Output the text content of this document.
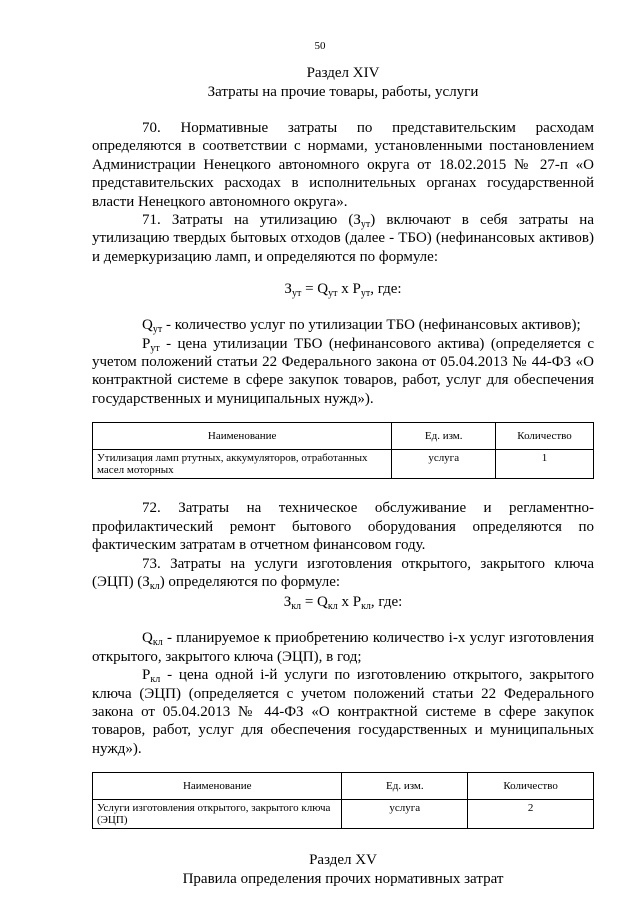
50
Раздел XIV
Затраты на прочие товары, работы, услуги

70. Нормативные затраты по представительским расходам определяются в соответствии с нормами, установленными постановлением Администрации Ненецкого автономного округа от 18.02.2015 № 27-п «О представительских расходах в исполнительных органах государственной власти Ненецкого автономного округа».

71. Затраты на утилизацию $(З_{ут})$ включают в себя затраты на утилизацию твердых бытовых отходов (далее - ТБО) (нефинансовых активов) и демеркуризацию ламп, и определяются по формуле:

$З_{ут} = Q_{ут}$ x $P_{ут}$, где:

$Q_{ут}$ - количество услуг по утилизации ТБО (нефинансовых активов);

$P_{ут}$ - цена утилизации ТБО (нефинансового актива) (определяется с учетом положений статьи 22 Федерального закона от 05.04.2013 № 44-ФЗ «О контрактной системе в сфере закупок товаров, работ, услуг для обеспечения государственных и муниципальных нужд»).

Наименование	Ед. изм.	Количество
Утилизация ламп ртутных, аккумуляторов, отработанных масел моторных	услуга	1

72. Затраты на техническое обслуживание и регламентно-профилактический ремонт бытового оборудования определяются по фактическим затратам в отчетном финансовом году.

73. Затраты на услуги изготовления открытого, закрытого ключа (ЭЦП) $(З_{кл})$ определяются по формуле:

$З_{кл} = Q_{кл}$ x $P_{кл}$, где:

$Q_{кл}$ - планируемое к приобретению количество i-х услуг изготовления открытого, закрытого ключа (ЭЦП), в год;

$P_{кл}$ - цена одной i-й услуги по изготовлению открытого, закрытого ключа (ЭЦП) (определяется с учетом положений статьи 22 Федерального закона от 05.04.2013 № 44-ФЗ «О контрактной системе в сфере закупок товаров, работ, услуг для обеспечения государственных и муниципальных нужд»).

Наименование	Ед. изм.	Количество
Услуги изготовления открытого, закрытого ключа (ЭЦП)	услуга	2
Раздел XV
Правила определения прочих нормативных затрат
